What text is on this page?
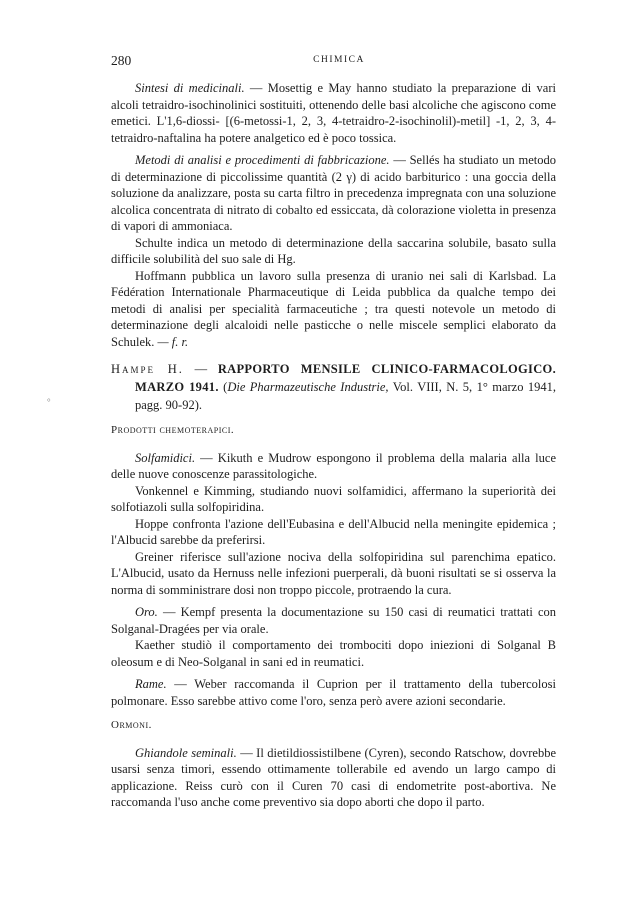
280	CHIMICA
°

Sintesi di medicinali. — Mosettig e May hanno studiato la preparazione di vari alcoli tetraidro-isochinolinici sostituiti, ottenendo delle basi alcoliche che agiscono come emetici. L'1,6-diossi- [(6-metossi-1, 2, 3, 4-tetraidro-2-isochinolil)-metil] -1, 2, 3, 4-tetraidro-naftalina ha potere analgetico ed è poco tossica.

Metodi di analisi e procedimenti di fabbricazione. — Sellés ha studiato un metodo di determinazione di piccolissime quantità (2 γ) di acido barbiturico : una goccia della soluzione da analizzare, posta su carta filtro in precedenza impregnata con una soluzione alcolica concentrata di nitrato di cobalto ed essiccata, dà colorazione violetta in presenza di vapori di ammoniaca.

Schulte indica un metodo di determinazione della saccarina solubile, basato sulla difficile solubilità del suo sale di Hg.

Hoffmann pubblica un lavoro sulla presenza di uranio nei sali di Karlsbad. La Fédération Internationale Pharmaceutique di Leida pubblica da qualche tempo dei metodi di analisi per specialità farmaceutiche ; tra questi notevole un metodo di determinazione degli alcaloidi nelle pasticche o nelle miscele semplici elaborato da Schulek. — f. r.

Hampe H. — RAPPORTO MENSILE CLINICO-FARMACOLOGICO. MARZO 1941. (Die Pharmazeutische Industrie, Vol. VIII, N. 5, 1° marzo 1941, pagg. 90-92).

Prodotti chemoterapici.

Solfamidici. — Kikuth e Mudrow espongono il problema della malaria alla luce delle nuove conoscenze parassitologiche.

Vonkennel e Kimming, studiando nuovi solfamidici, affermano la superiorità dei solfotiazoli sulla solfopiridina.

Hoppe confronta l'azione dell'Eubasina e dell'Albucid nella meningite epidemica ; l'Albucid sarebbe da preferirsi.

Greiner riferisce sull'azione nociva della solfopiridina sul parenchima epatico. L'Albucid, usato da Hernuss nelle infezioni puerperali, dà buoni risultati se si osserva la norma di somministrare dosi non troppo piccole, protraendo la cura.

Oro. — Kempf presenta la documentazione su 150 casi di reumatici trattati con Solganal-Dragées per via orale.

Kaether studiò il comportamento dei trombociti dopo iniezioni di Solganal B oleosum e di Neo-Solganal in sani ed in reumatici.

Rame. — Weber raccomanda il Cuprion per il trattamento della tubercolosi polmonare. Esso sarebbe attivo come l'oro, senza però avere azioni secondarie.

Ormoni.

Ghiandole seminali. — Il dietildiossistilbene (Cyren), secondo Ratschow, dovrebbe usarsi senza timori, essendo ottimamente tollerabile ed avendo un largo campo di applicazione. Reiss curò con il Curen 70 casi di endometrite post-abortiva. Ne raccomanda l'uso anche come preventivo sia dopo aborti che dopo il parto.
